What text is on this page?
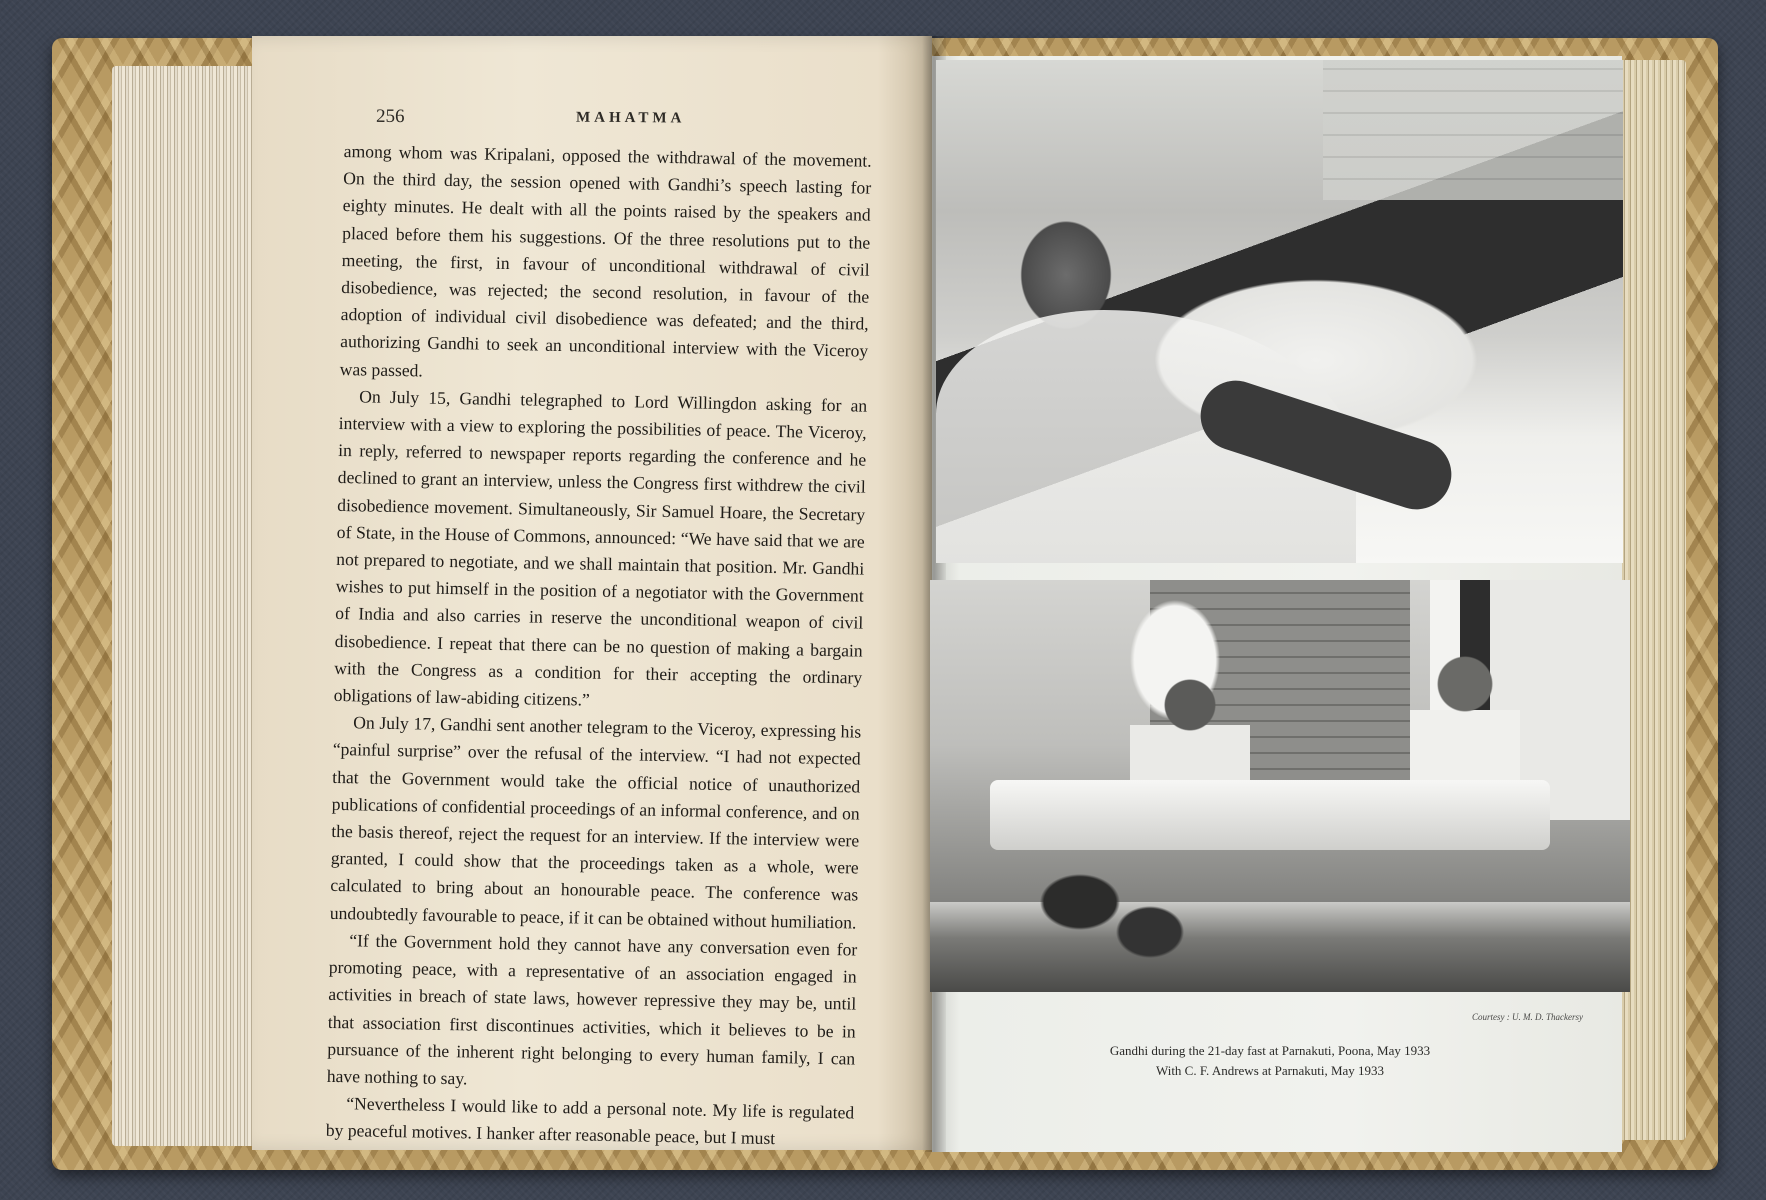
256	MAHATMA

among whom was Kripalani, opposed the withdrawal of the movement. On the third day, the session opened with Gandhi’s speech lasting for eighty minutes. He dealt with all the points raised by the speakers and placed before them his suggestions. Of the three resolutions put to the meeting, the first, in favour of unconditional withdrawal of civil disobedience, was rejected; the second resolution, in favour of the adoption of individual civil disobedience was defeated; and the third, authorizing Gandhi to seek an unconditional interview with the Viceroy was passed.

On July 15, Gandhi telegraphed to Lord Willingdon asking for an interview with a view to exploring the possibilities of peace. The Viceroy, in reply, referred to newspaper reports regarding the conference and he declined to grant an interview, unless the Congress first withdrew the civil disobedience movement. Simultaneously, Sir Samuel Hoare, the Secretary of State, in the House of Commons, announced: “We have said that we are not prepared to negotiate, and we shall maintain that position. Mr. Gandhi wishes to put himself in the position of a negotiator with the Government of India and also carries in reserve the unconditional weapon of civil disobedience. I repeat that there can be no question of making a bargain with the Congress as a condition for their accepting the ordinary obligations of law-abiding citizens.”

On July 17, Gandhi sent another telegram to the Viceroy, expressing his “painful surprise” over the refusal of the interview. “I had not expected that the Government would take the official notice of unauthorized publications of confidential proceedings of an informal conference, and on the basis thereof, reject the request for an interview. If the interview were granted, I could show that the proceedings taken as a whole, were calculated to bring about an honourable peace. The conference was undoubtedly favourable to peace, if it can be obtained without humiliation.

“If the Government hold they cannot have any conversation even for promoting peace, with a representative of an association engaged in activities in breach of state laws, however repressive they may be, until that association first discontinues activities, which it believes to be in pursuance of the inherent right belonging to every human family, I can have nothing to say.

“Nevertheless I would like to add a personal note. My life is regulated by peaceful motives. I hanker after reasonable peace, but I must

Courtesy : U. M. D. Thackersy
Gandhi during the 21-day fast at Parnakuti, Poona, May 1933
With C. F. Andrews at Parnakuti, May 1933
